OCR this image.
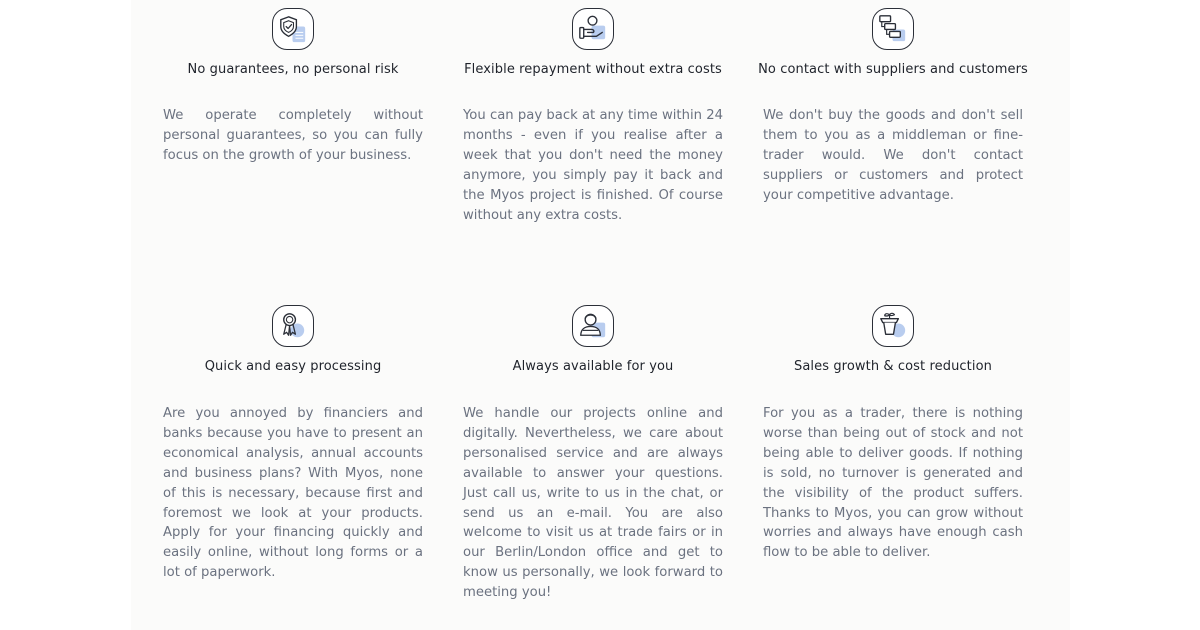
No guarantees, no personal risk
We operate completely without personal guarantees, so you can fully focus on the growth of your business.
Flexible repayment without extra costs
You can pay back at any time within 24 months - even if you realise after a week that you don't need the money anymore, you simply pay it back and the Myos project is finished. Of course without any extra costs.
No contact with suppliers and customers
We don't buy the goods and don't sell them to you as a middleman or fine-trader would. We don't contact suppliers or customers and protect your competitive advantage.
Quick and easy processing
Are you annoyed by financiers and banks because you have to present an economical analysis, annual accounts and business plans? With Myos, none of this is necessary, because first and foremost we look at your products. Apply for your financing quickly and easily online, without long forms or a lot of paperwork.
Always available for you
We handle our projects online and digitally. Nevertheless, we care about personalised service and are always available to answer your questions. Just call us, write to us in the chat, or send us an e-mail. You are also welcome to visit us at trade fairs or in our Berlin/London office and get to know us personally, we look forward to meeting you!
Sales growth & cost reduction
For you as a trader, there is nothing worse than being out of stock and not being able to deliver goods. If nothing is sold, no turnover is generated and the visibility of the product suffers. Thanks to Myos, you can grow without worries and always have enough cash flow to be able to deliver.
